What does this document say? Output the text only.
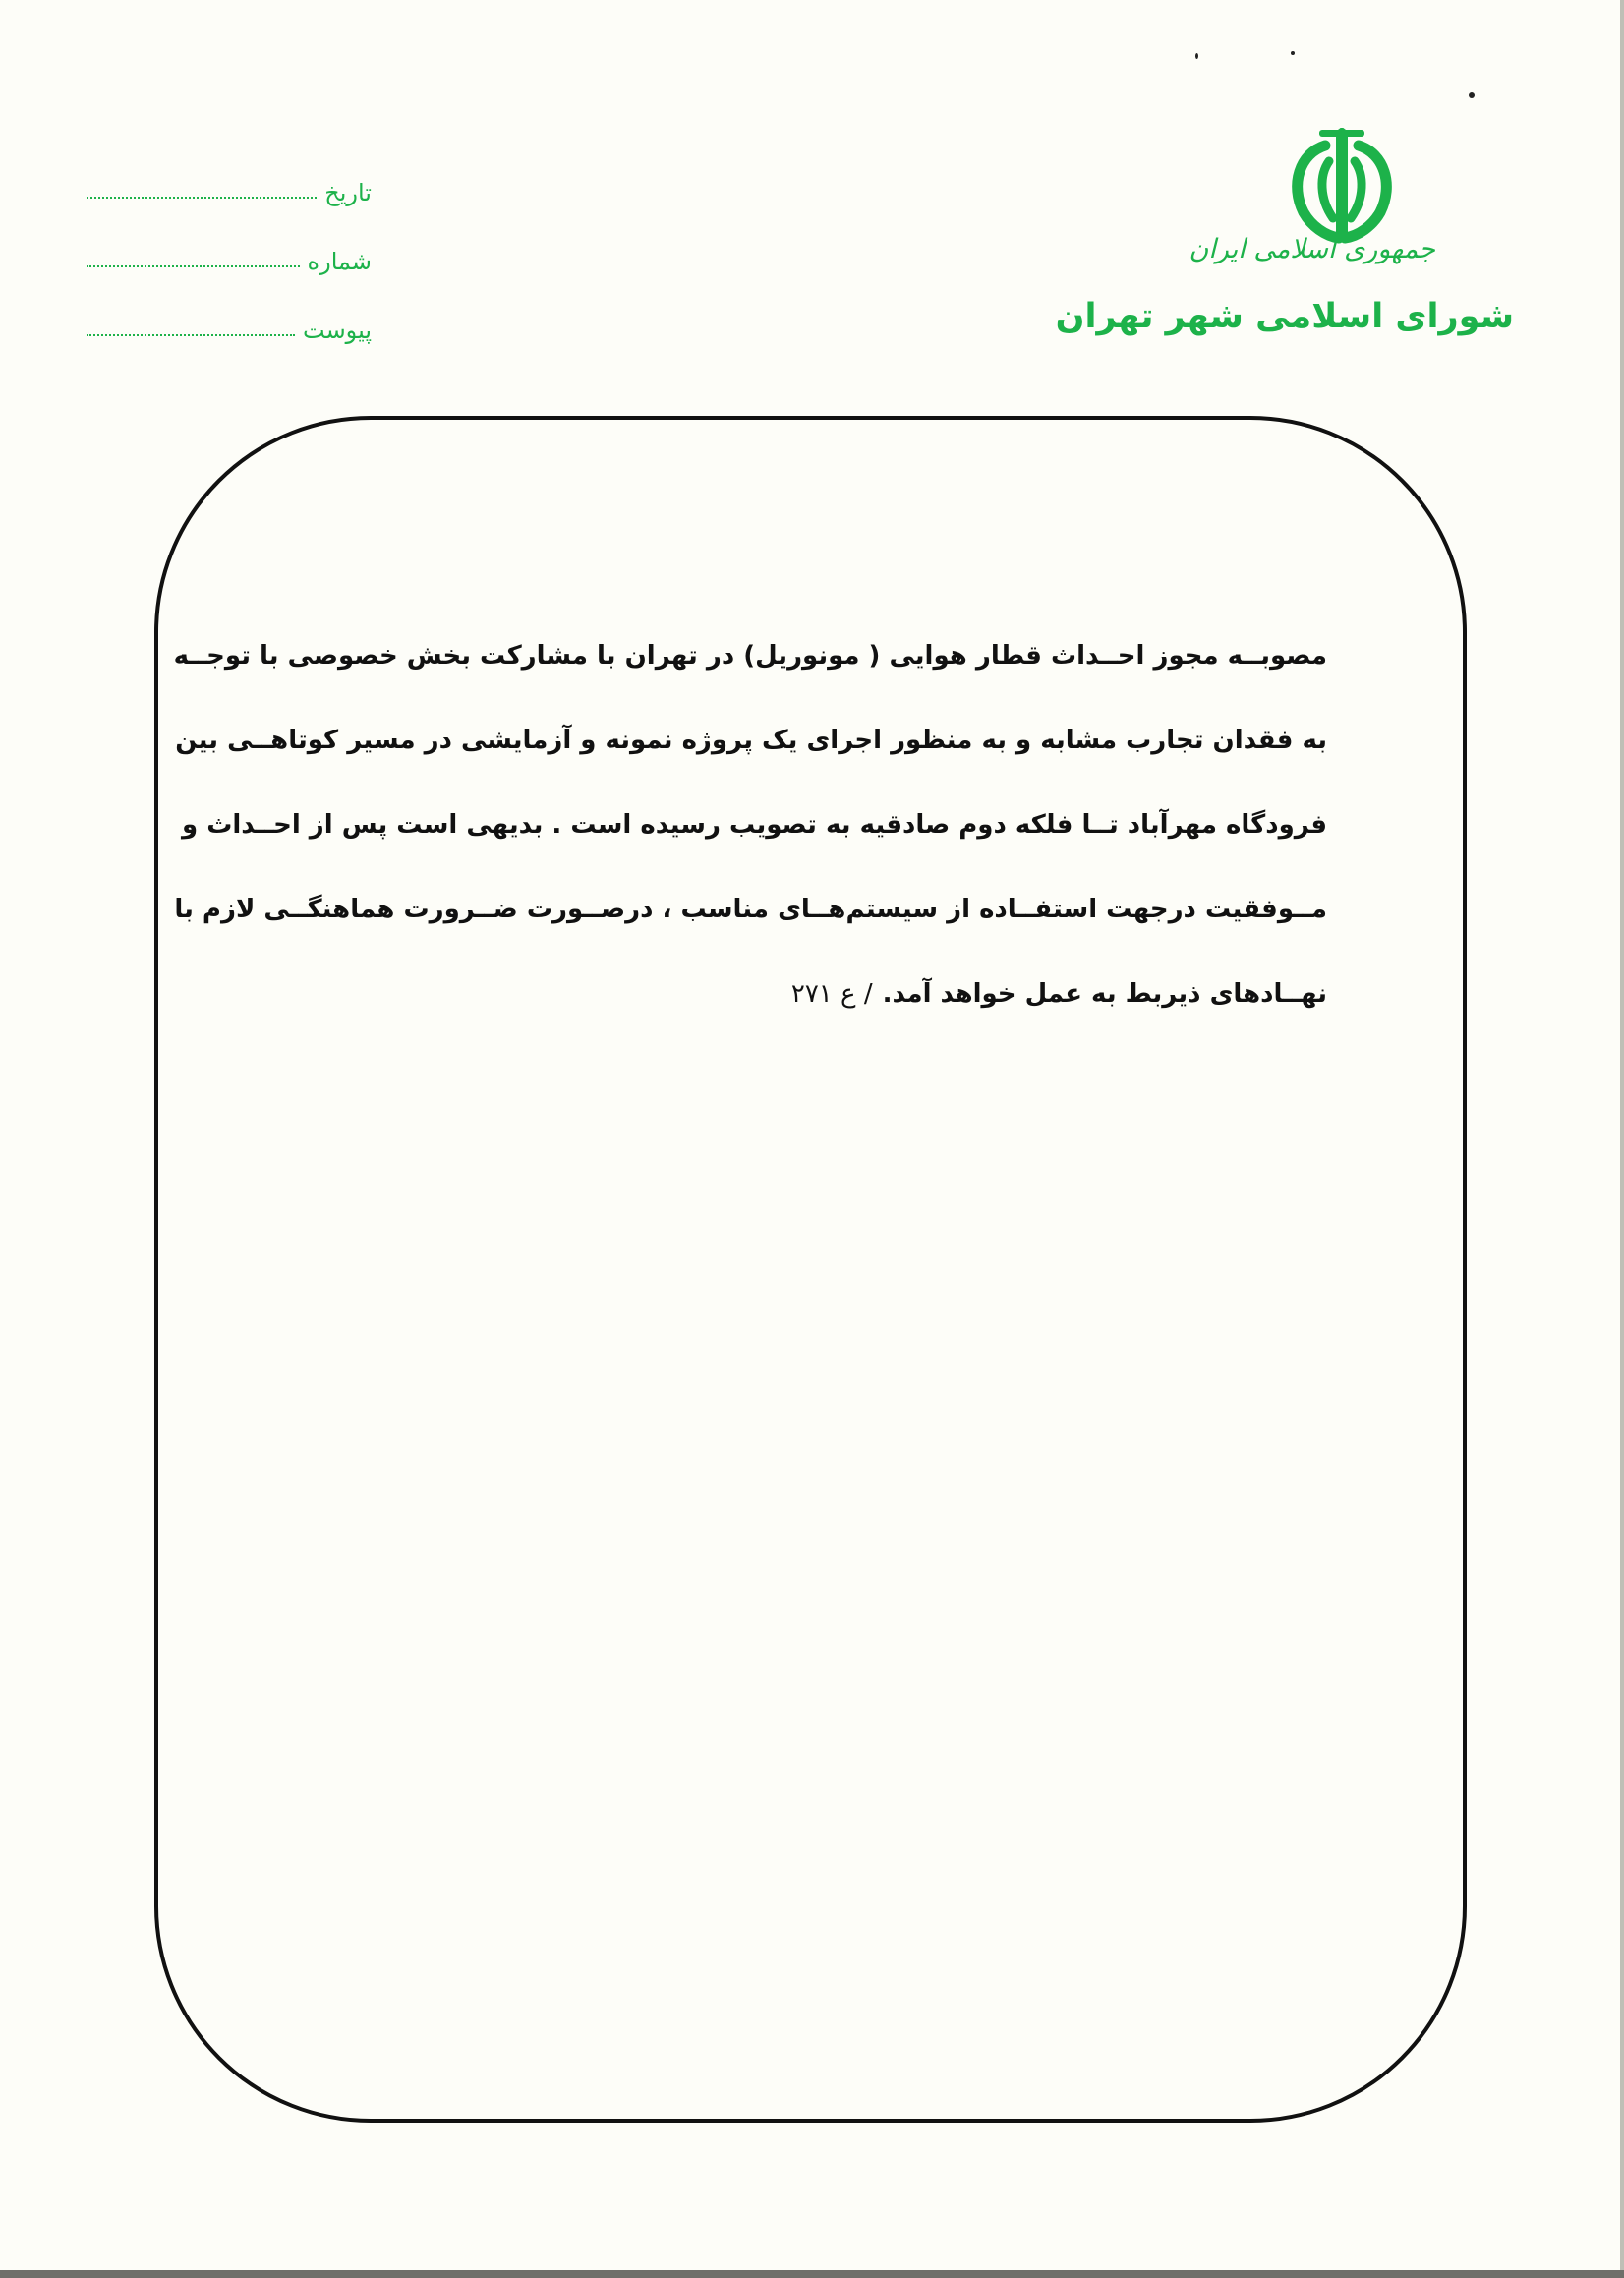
جمهوری اسلامی ایران
شورای اسلامی شهر تهران
تاریخ
شماره
پیوست
مصوبــه مجوز احــداث قطار هوایی ( مونوریل) در تهران با مشارکت بخش خصوصی با توجــه
به فقدان تجارب مشابه و به منظور اجرای یک پروژه نمونه و آزمایشی در مسیر کوتاهــی بین
فرودگاه مهرآباد تــا فلکه دوم صادقیه به تصویب رسیده است . بدیهی است پس از احــداث و
مــوفقیت درجهت استفــاده از سیستم‌هــای مناسب ، درصــورت ضــرورت هماهنگــی لازم با
نهــادهای ذیربط به عمل خواهد آمد./ ع ۲۷۱
